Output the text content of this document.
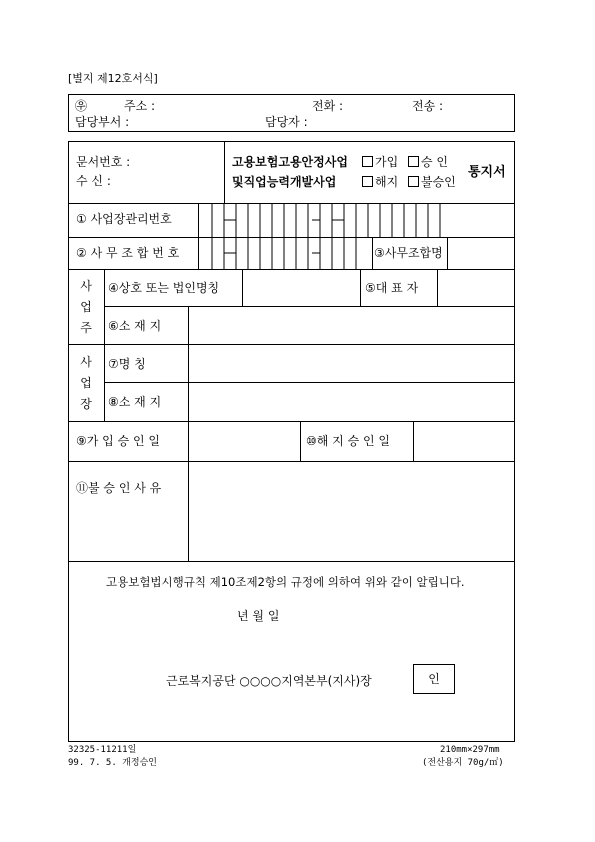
[별지 제12호서식]
㉾	주소 :	전화 :	전송 :
담당부서 :	담당자 :
문서번호 :
수 신 :
고용보험고용안정사업
및직업능력개발사업
가입	승 인
해지	불승인
통지서
① 사업장관리번호
② 사 무 조 합 번 호	③사무조합명
사 업 주
④상호 또는 법인명칭	⑤대 표 자
⑥소 재 지
사 업 장
⑦명 칭
⑧소 재 지
⑨가 입 승 인 일	⑩해 지 승 인 일
⑪불 승 인 사 유
고용보험법시행규칙 제10조제2항의 규정에 의하여 위와 같이 알립니다.
년 월 일
근로복지공단 ○○○○지역본부(지사)장	인
32325-11211일
99. 7. 5. 개정승인
210mm×297mm
(전산용지 70g/㎡)
